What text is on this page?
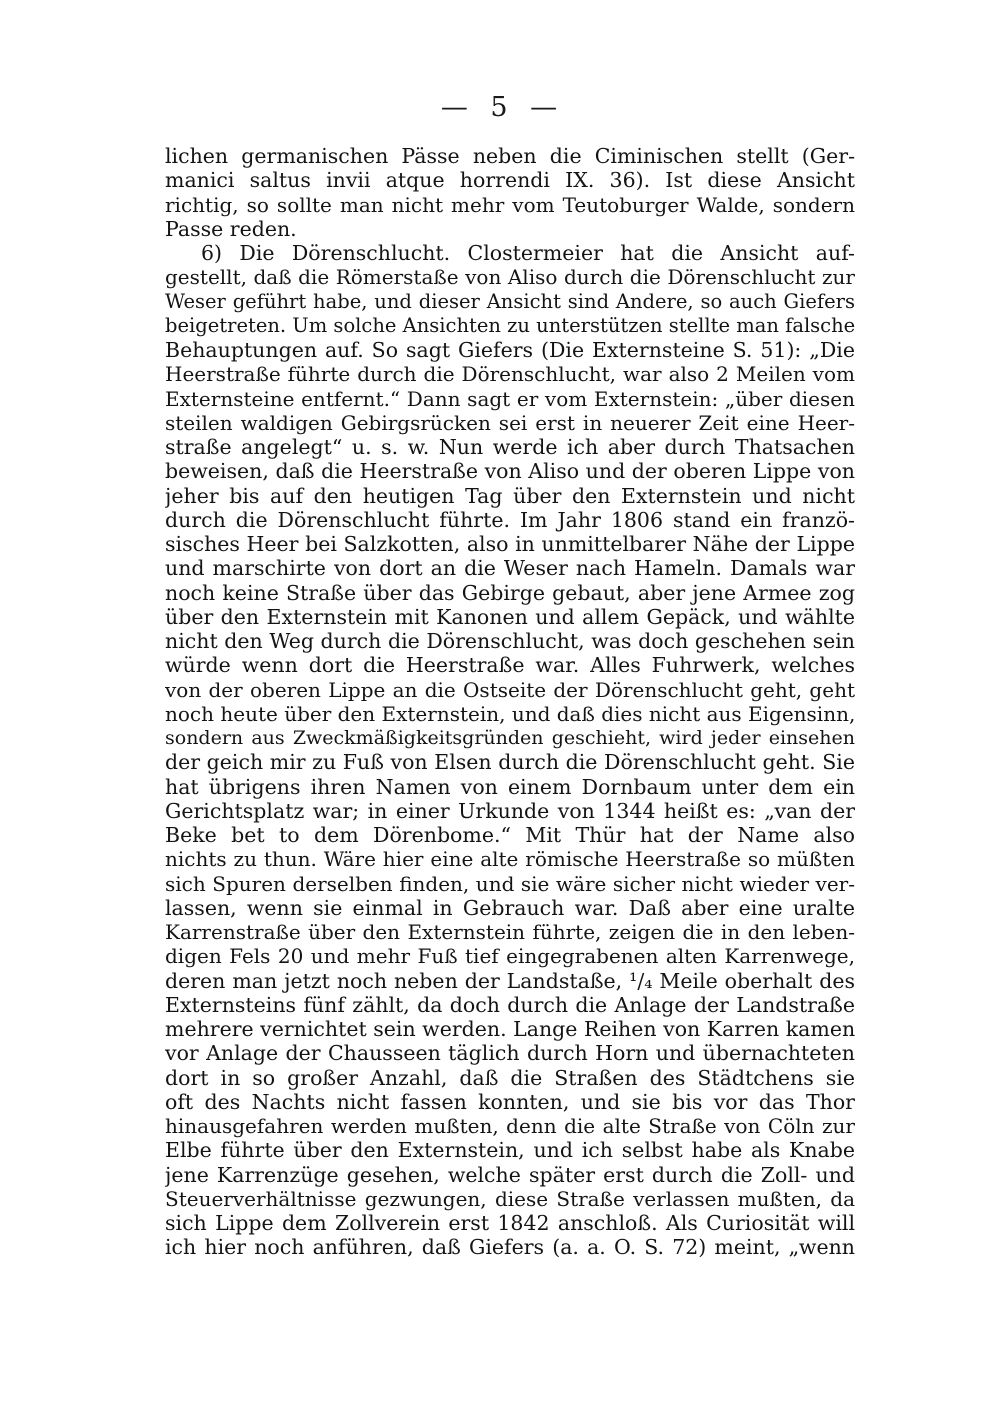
— 5 —
lichen germanischen Pässe neben die Ciminischen stellt (Ger-
manici saltus invii atque horrendi IX. 36). Ist diese Ansicht
richtig, so sollte man nicht mehr vom Teutoburger Walde, sondern
Passe reden.
6) Die Dörenschlucht. Clostermeier hat die Ansicht auf-
gestellt, daß die Römerstaße von Aliso durch die Dörenschlucht zur
Weser geführt habe, und dieser Ansicht sind Andere, so auch Giefers
beigetreten. Um solche Ansichten zu unterstützen stellte man falsche
Behauptungen auf. So sagt Giefers (Die Externsteine S. 51): „Die
Heerstraße führte durch die Dörenschlucht, war also 2 Meilen vom
Externsteine entfernt.“ Dann sagt er vom Externstein: „über diesen
steilen waldigen Gebirgsrücken sei erst in neuerer Zeit eine Heer-
straße angelegt“ u. s. w. Nun werde ich aber durch Thatsachen
beweisen, daß die Heerstraße von Aliso und der oberen Lippe von
jeher bis auf den heutigen Tag über den Externstein und nicht
durch die Dörenschlucht führte. Im Jahr 1806 stand ein franzö-
sisches Heer bei Salzkotten, also in unmittelbarer Nähe der Lippe
und marschirte von dort an die Weser nach Hameln. Damals war
noch keine Straße über das Gebirge gebaut, aber jene Armee zog
über den Externstein mit Kanonen und allem Gepäck, und wählte
nicht den Weg durch die Dörenschlucht, was doch geschehen sein
würde wenn dort die Heerstraße war. Alles Fuhrwerk, welches
von der oberen Lippe an die Ostseite der Dörenschlucht geht, geht
noch heute über den Externstein, und daß dies nicht aus Eigensinn,
sondern aus Zweckmäßigkeitsgründen geschieht, wird jeder einsehen
der geich mir zu Fuß von Elsen durch die Dörenschlucht geht. Sie
hat übrigens ihren Namen von einem Dornbaum unter dem ein
Gerichtsplatz war; in einer Urkunde von 1344 heißt es: „van der
Beke bet to dem Dörenbome.“ Mit Thür hat der Name also
nichts zu thun. Wäre hier eine alte römische Heerstraße so müßten
sich Spuren derselben finden, und sie wäre sicher nicht wieder ver-
lassen, wenn sie einmal in Gebrauch war. Daß aber eine uralte
Karrenstraße über den Externstein führte, zeigen die in den leben-
digen Fels 20 und mehr Fuß tief eingegrabenen alten Karrenwege,
deren man jetzt noch neben der Landstaße, ¹/₄ Meile oberhalt des
Externsteins fünf zählt, da doch durch die Anlage der Landstraße
mehrere vernichtet sein werden. Lange Reihen von Karren kamen
vor Anlage der Chausseen täglich durch Horn und übernachteten
dort in so großer Anzahl, daß die Straßen des Städtchens sie
oft des Nachts nicht fassen konnten, und sie bis vor das Thor
hinausgefahren werden mußten, denn die alte Straße von Cöln zur
Elbe führte über den Externstein, und ich selbst habe als Knabe
jene Karrenzüge gesehen, welche später erst durch die Zoll- und
Steuerverhältnisse gezwungen, diese Straße verlassen mußten, da
sich Lippe dem Zollverein erst 1842 anschloß. Als Curiosität will
ich hier noch anführen, daß Giefers (a. a. O. S. 72) meint, „wenn
